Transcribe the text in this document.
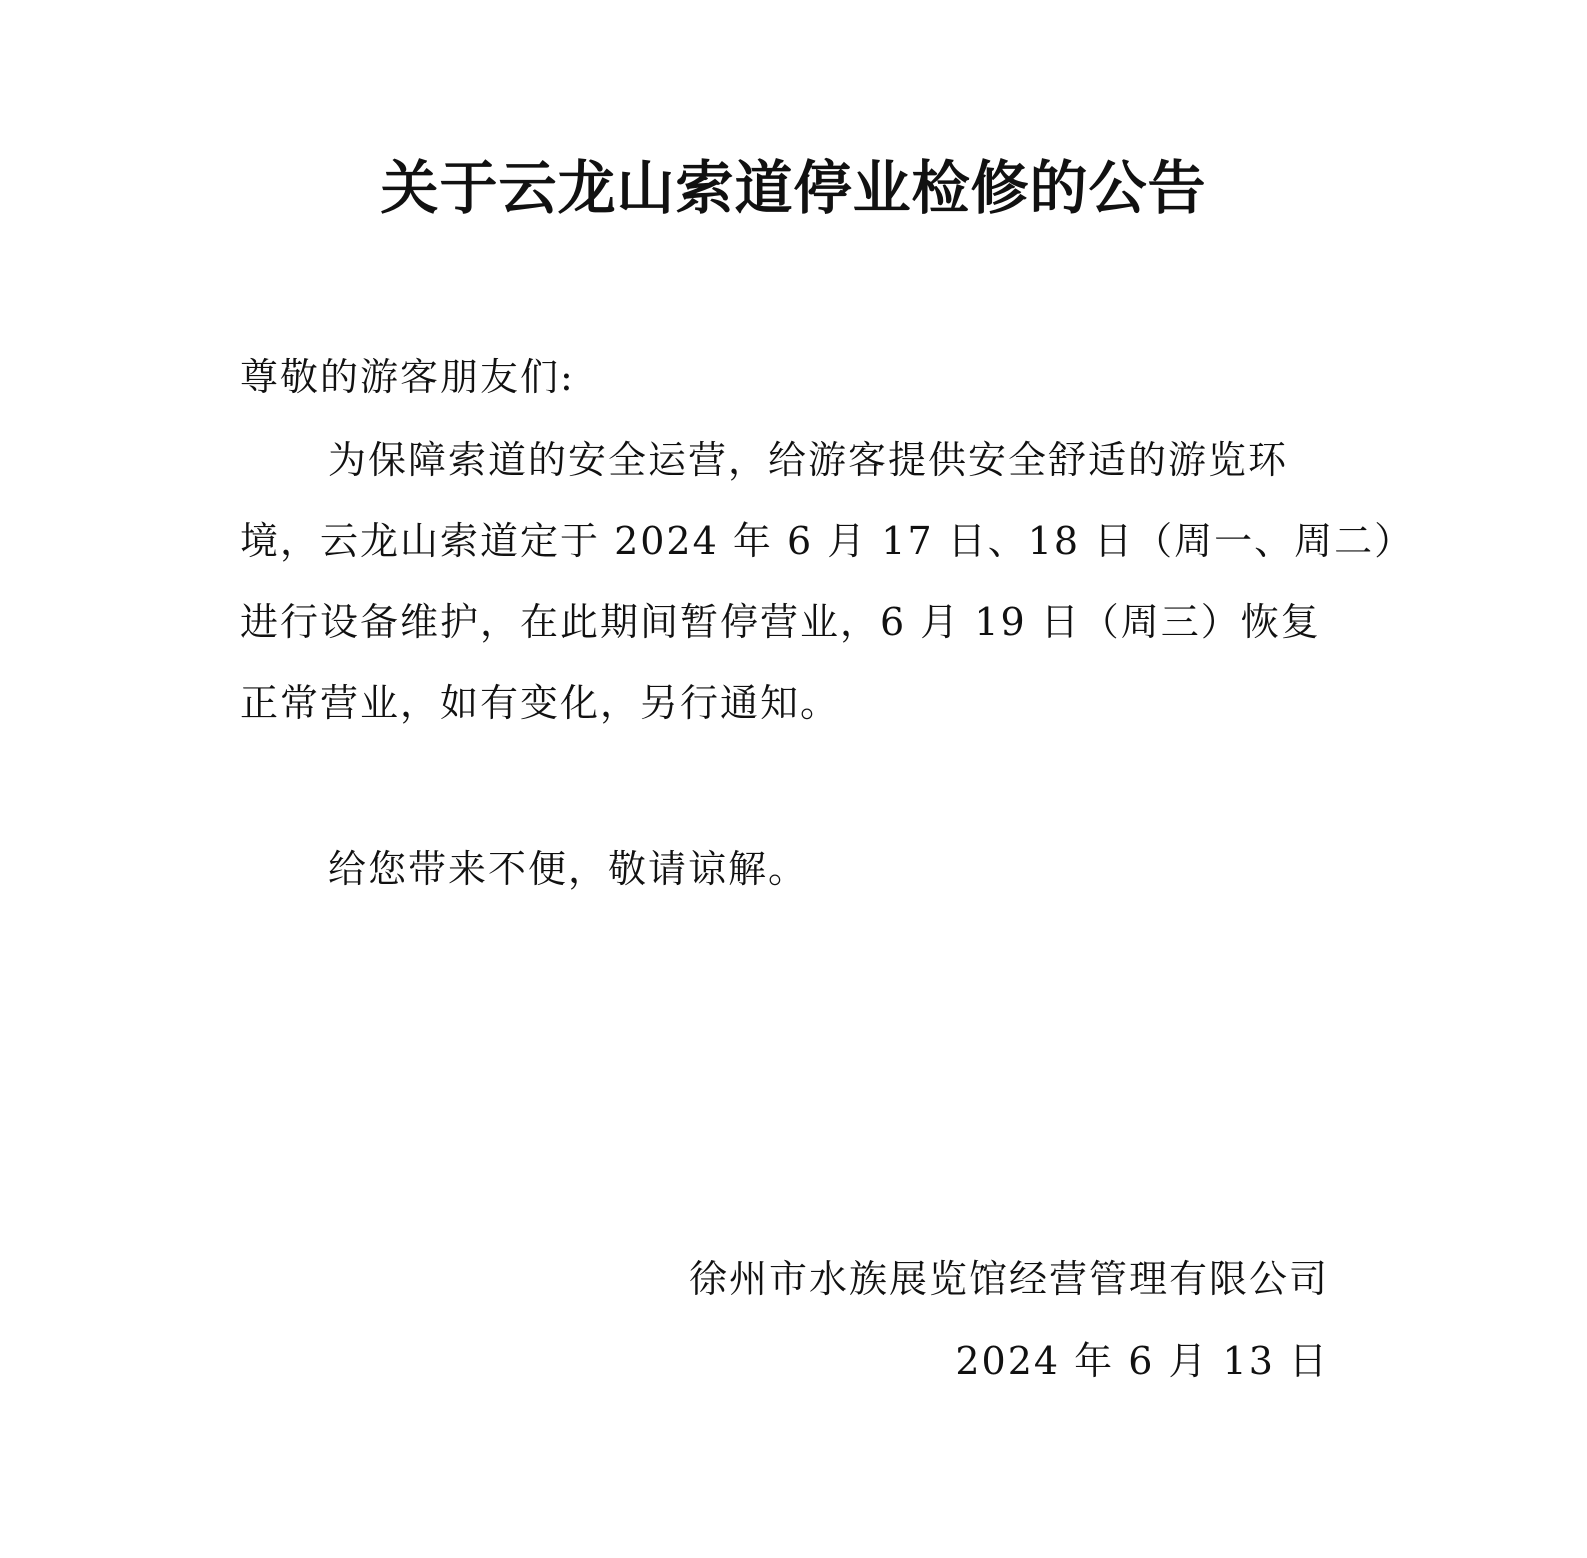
关于云龙山索道停业检修的公告
尊敬的游客朋友们:
为保障索道的安全运营，给游客提供安全舒适的游览环
境，云龙山索道定于 2024 年 6 月 17 日、18 日（周一、周二）
进行设备维护，在此期间暂停营业，6 月 19 日（周三）恢复
正常营业，如有变化，另行通知。
给您带来不便，敬请谅解。
徐州市水族展览馆经营管理有限公司
2024 年 6 月 13 日
